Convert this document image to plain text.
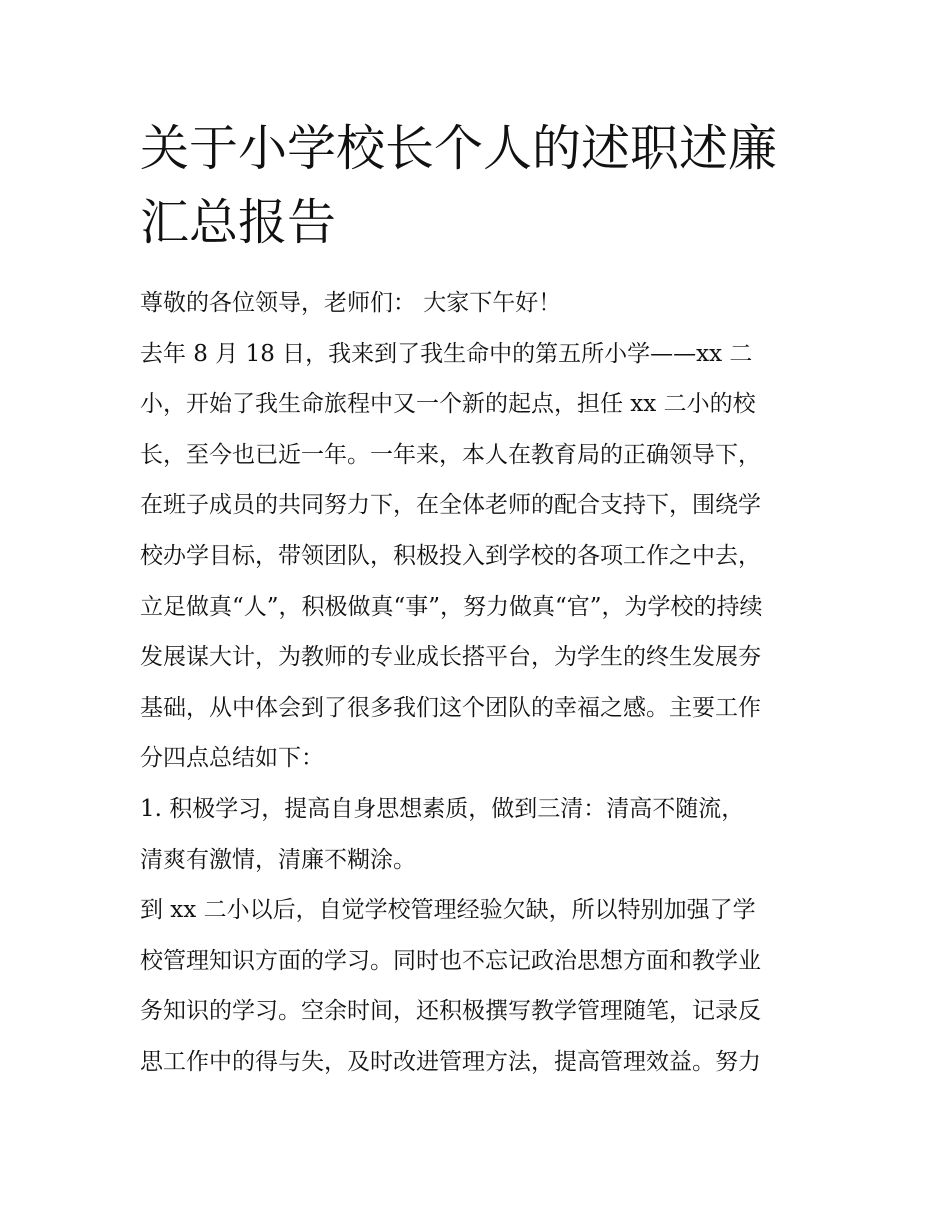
关于小学校长个人的述职述廉
汇总报告
尊敬的各位领导，老师们： 大家下午好！
去年 8 月 18 日，我来到了我生命中的第五所小学——xx 二
小，开始了我生命旅程中又一个新的起点，担任 xx 二小的校
长，至今也已近一年。一年来，本人在教育局的正确领导下，
在班子成员的共同努力下，在全体老师的配合支持下，围绕学
校办学目标，带领团队，积极投入到学校的各项工作之中去，
立足做真“人”，积极做真“事”，努力做真“官”，为学校的持续
发展谋大计，为教师的专业成长搭平台，为学生的终生发展夯
基础，从中体会到了很多我们这个团队的幸福之感。主要工作
分四点总结如下：
1. 积极学习，提高自身思想素质，做到三清：清高不随流，
清爽有激情，清廉不糊涂。
到 xx 二小以后，自觉学校管理经验欠缺，所以特别加强了学
校管理知识方面的学习。同时也不忘记政治思想方面和教学业
务知识的学习。空余时间，还积极撰写教学管理随笔，记录反
思工作中的得与失，及时改进管理方法，提高管理效益。努力
